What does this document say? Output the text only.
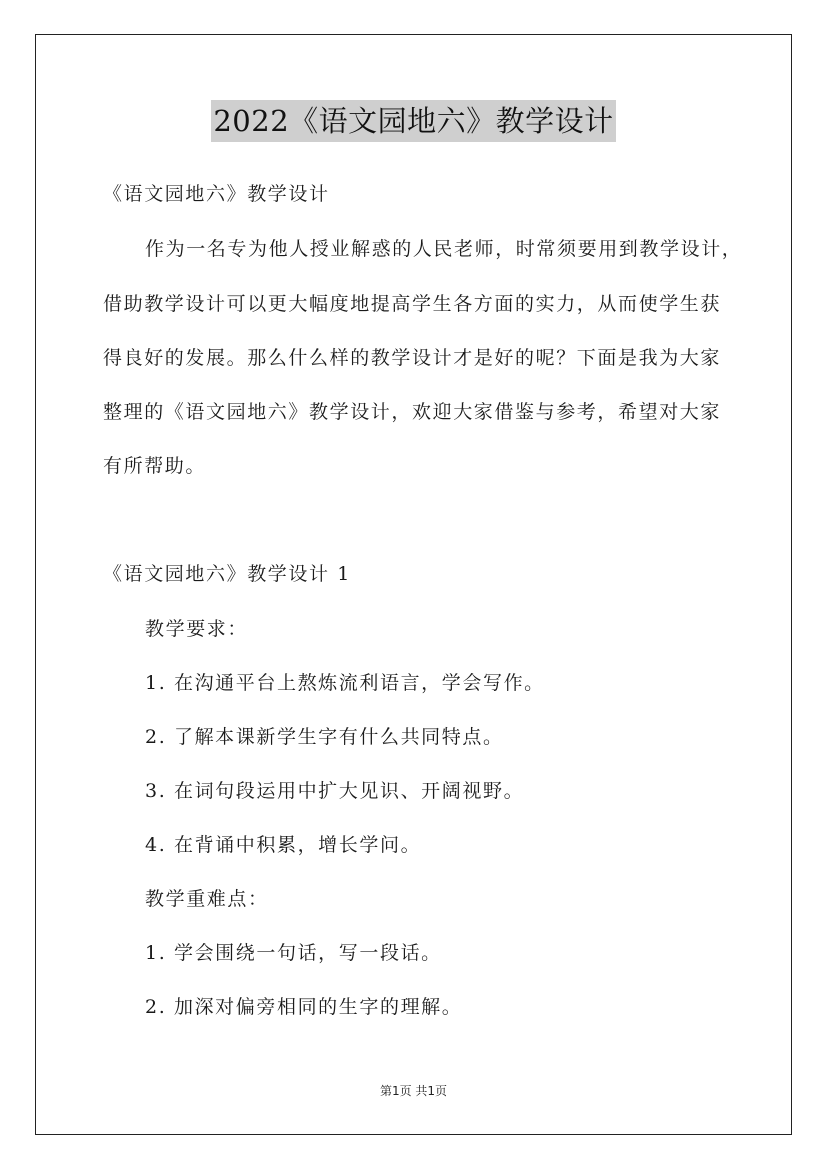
2022《语文园地六》教学设计
《语文园地六》教学设计
作为一名专为他人授业解惑的人民老师，时常须要用到教学设计，
借助教学设计可以更大幅度地提高学生各方面的实力，从而使学生获
得良好的发展。那么什么样的教学设计才是好的呢？下面是我为大家
整理的《语文园地六》教学设计，欢迎大家借鉴与参考，希望对大家
有所帮助。
《语文园地六》教学设计 1
教学要求：
1. 在沟通平台上熬炼流利语言，学会写作。
2. 了解本课新学生字有什么共同特点。
3. 在词句段运用中扩大见识、开阔视野。
4. 在背诵中积累，增长学问。
教学重难点：
1. 学会围绕一句话，写一段话。
2. 加深对偏旁相同的生字的理解。
第1页 共1页
